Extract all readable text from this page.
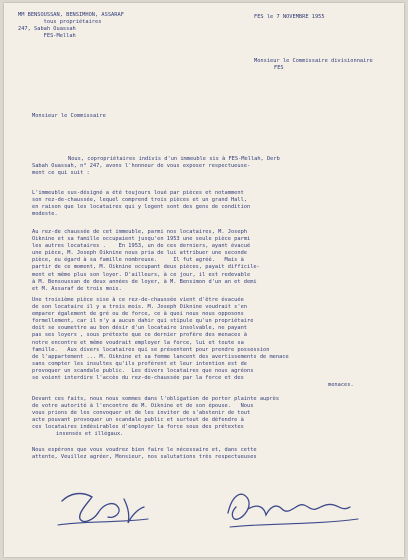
MM BENSOUSSAN, BENSIMHON, ASSARAF
tous propriétaires
247, Sabah Ouassah
FES-Mellah
FES le 7 NOVEMBRE 1955
Monsieur le Commissaire divisionnaire
FES
Monsieur le Commissaire
Nous, copropriétaires indivis d'un immeuble sis à FES-Mellah, Derb
Sabah Ouassah, n° 247, avons l'honneur de vous exposer respectueuse-
ment ce qui suit :
L'immeuble sus-désigné a été toujours loué par pièces et notamment
son rez-de-chaussée, lequel comprend trois pièces et un grand Hall,
en raison que les locataires qui y logent sont des gens de condition
modeste.
Au rez-de chaussée de cet immeuble, parmi nos locataires, M. Joseph
Oiknine et sa famille occupaient jusqu'en 1953 une seule pièce parmi
les autres locataires .    En 1953, un de ces derniers, ayant évacué
une pièce, M. Joseph Oiknine nous pria de lui attribuer une seconde
pièce, eu égard à sa famille nombreuse.     Il fut agréé.   Mais à
partir de ce moment, M. Oiknine occupant deux pièces, payait difficile-
ment et même plus son loyer. D'ailleurs, à ce jour, il est redevable
à M. Bensoussan de deux années de loyer, à M. Bensimon d'un an et demi
et M. Assaraf de trois mois.
Une troisième pièce sise à ce rez-de-chaussée vient d'être évacuée
de son locataire il y a trois mois. M. Joseph Oiknine voudrait s'en
emparer également de gré ou de force, ce à quoi nous nous opposons
formellement, car il n'y a aucun dahir qui stipule qu'un propriétaire
doit se soumettre au bon désir d'un locataire insolvable, ne payant
pas ses loyers , sous prétexte que ce dernier profère des menaces à
notre encontre et même voudrait employer la force, lui et toute sa
famille.   Aux divers locataires qui se présentent pour prendre possession
de l'appartement ... M. Oiknine et sa femme lancent des avertissements de menace
sans compter les insultes qu'ils profèrent et leur intention est de
provoquer un scandale public.  Les divers locataires que nous agréons
se voient interdire l'accès du rez-de-chaussée par la force et des
menaces.
Devant ces faits, nous nous sommes dans l'obligation de porter plainte auprès
de votre autorité à l'encontre de M. Oiknine et de son épouse.   Nous
vous prions de les convoquer et de les inviter de s'abstenir de tout
acte pouvant provoquer un scandale public et surtout de défendre à
ces locataires indésirables d'employer la force sous des prétextes
insensés et illégaux.
Nous espérons que vous voudrez bien faire le nécessaire et, dans cette
attente, Veuillez agréer, Monsieur, nos salutations très respectueuses
